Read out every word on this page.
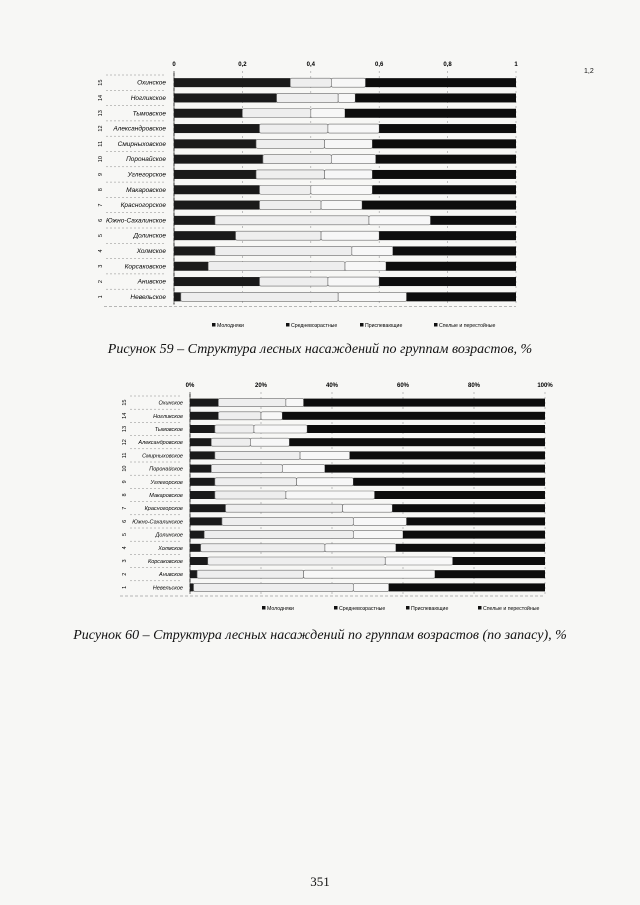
0	0,2	0,4	0,6	0,8	1
Охинское
15
Ногликское
14
Тымовское
13
Александровское
12
Смирныховское
11
Поронайское
10
Углегорское
9
Макаровское
8
Красногорское
7
Южно-Сахалинское
6
Долинское
5
Холмское
4
Корсаковское
3
Анивское
2
Невельское
1
Молодняки	Средневозрастные	Приспевающие	Спелые и перестойные
0%	20%	40%	60%	80%	100%
Охинское
15
Ногликское
14
Тымовское
13
Александровское
12
Смирныховское
11
Поронайское
10
Углегорское
9
Макаровское
8
Красногорское
7
Южно-Сахалинское
6
Долинское
5
Холмское
4
Корсаковское
3
Анивское
2
Невельское
1
Молодняки	Средневозрастные	Приспевающие	Спелые и перестойные
1,2
Рисунок 59 – Структура лесных насаждений по группам возрастов, %
Рисунок 60 – Структура лесных насаждений по группам возрастов (по запасу), %
351
